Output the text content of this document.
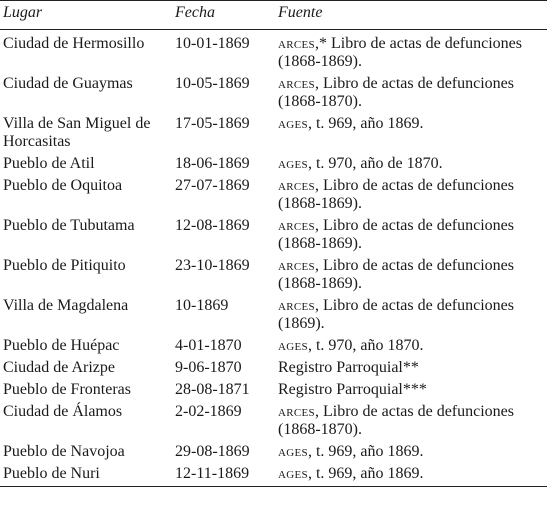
Lugar	Fecha	Fuente
Ciudad de Hermosillo	10-01-1869	arces,* Libro de actas de defunciones (1868-1869).
Ciudad de Guaymas	10-05-1869	arces, Libro de actas de defunciones (1868-1870).
Villa de San Miguel de Horcasitas	17-05-1869	ages, t. 969, año 1869.
Pueblo de Atil	18-06-1869	ages, t. 970, año de 1870.
Pueblo de Oquitoa	27-07-1869	arces, Libro de actas de defunciones (1868-1869).
Pueblo de Tubutama	12-08-1869	arces, Libro de actas de defunciones (1868-1869).
Pueblo de Pitiquito	23-10-1869	arces, Libro de actas de defunciones (1868-1869).
Villa de Magdalena	10-1869	arces, Libro de actas de defunciones (1869).
Pueblo de Huépac	4-01-1870	ages, t. 970, año 1870.
Ciudad de Arizpe	9-06-1870	Registro Parroquial**
Pueblo de Fronteras	28-08-1871	Registro Parroquial***
Ciudad de Álamos	2-02-1869	arces, Libro de actas de defunciones (1868-1870).
Pueblo de Navojoa	29-08-1869	ages, t. 969, año 1869.
Pueblo de Nuri	12-11-1869	ages, t. 969, año 1869.
